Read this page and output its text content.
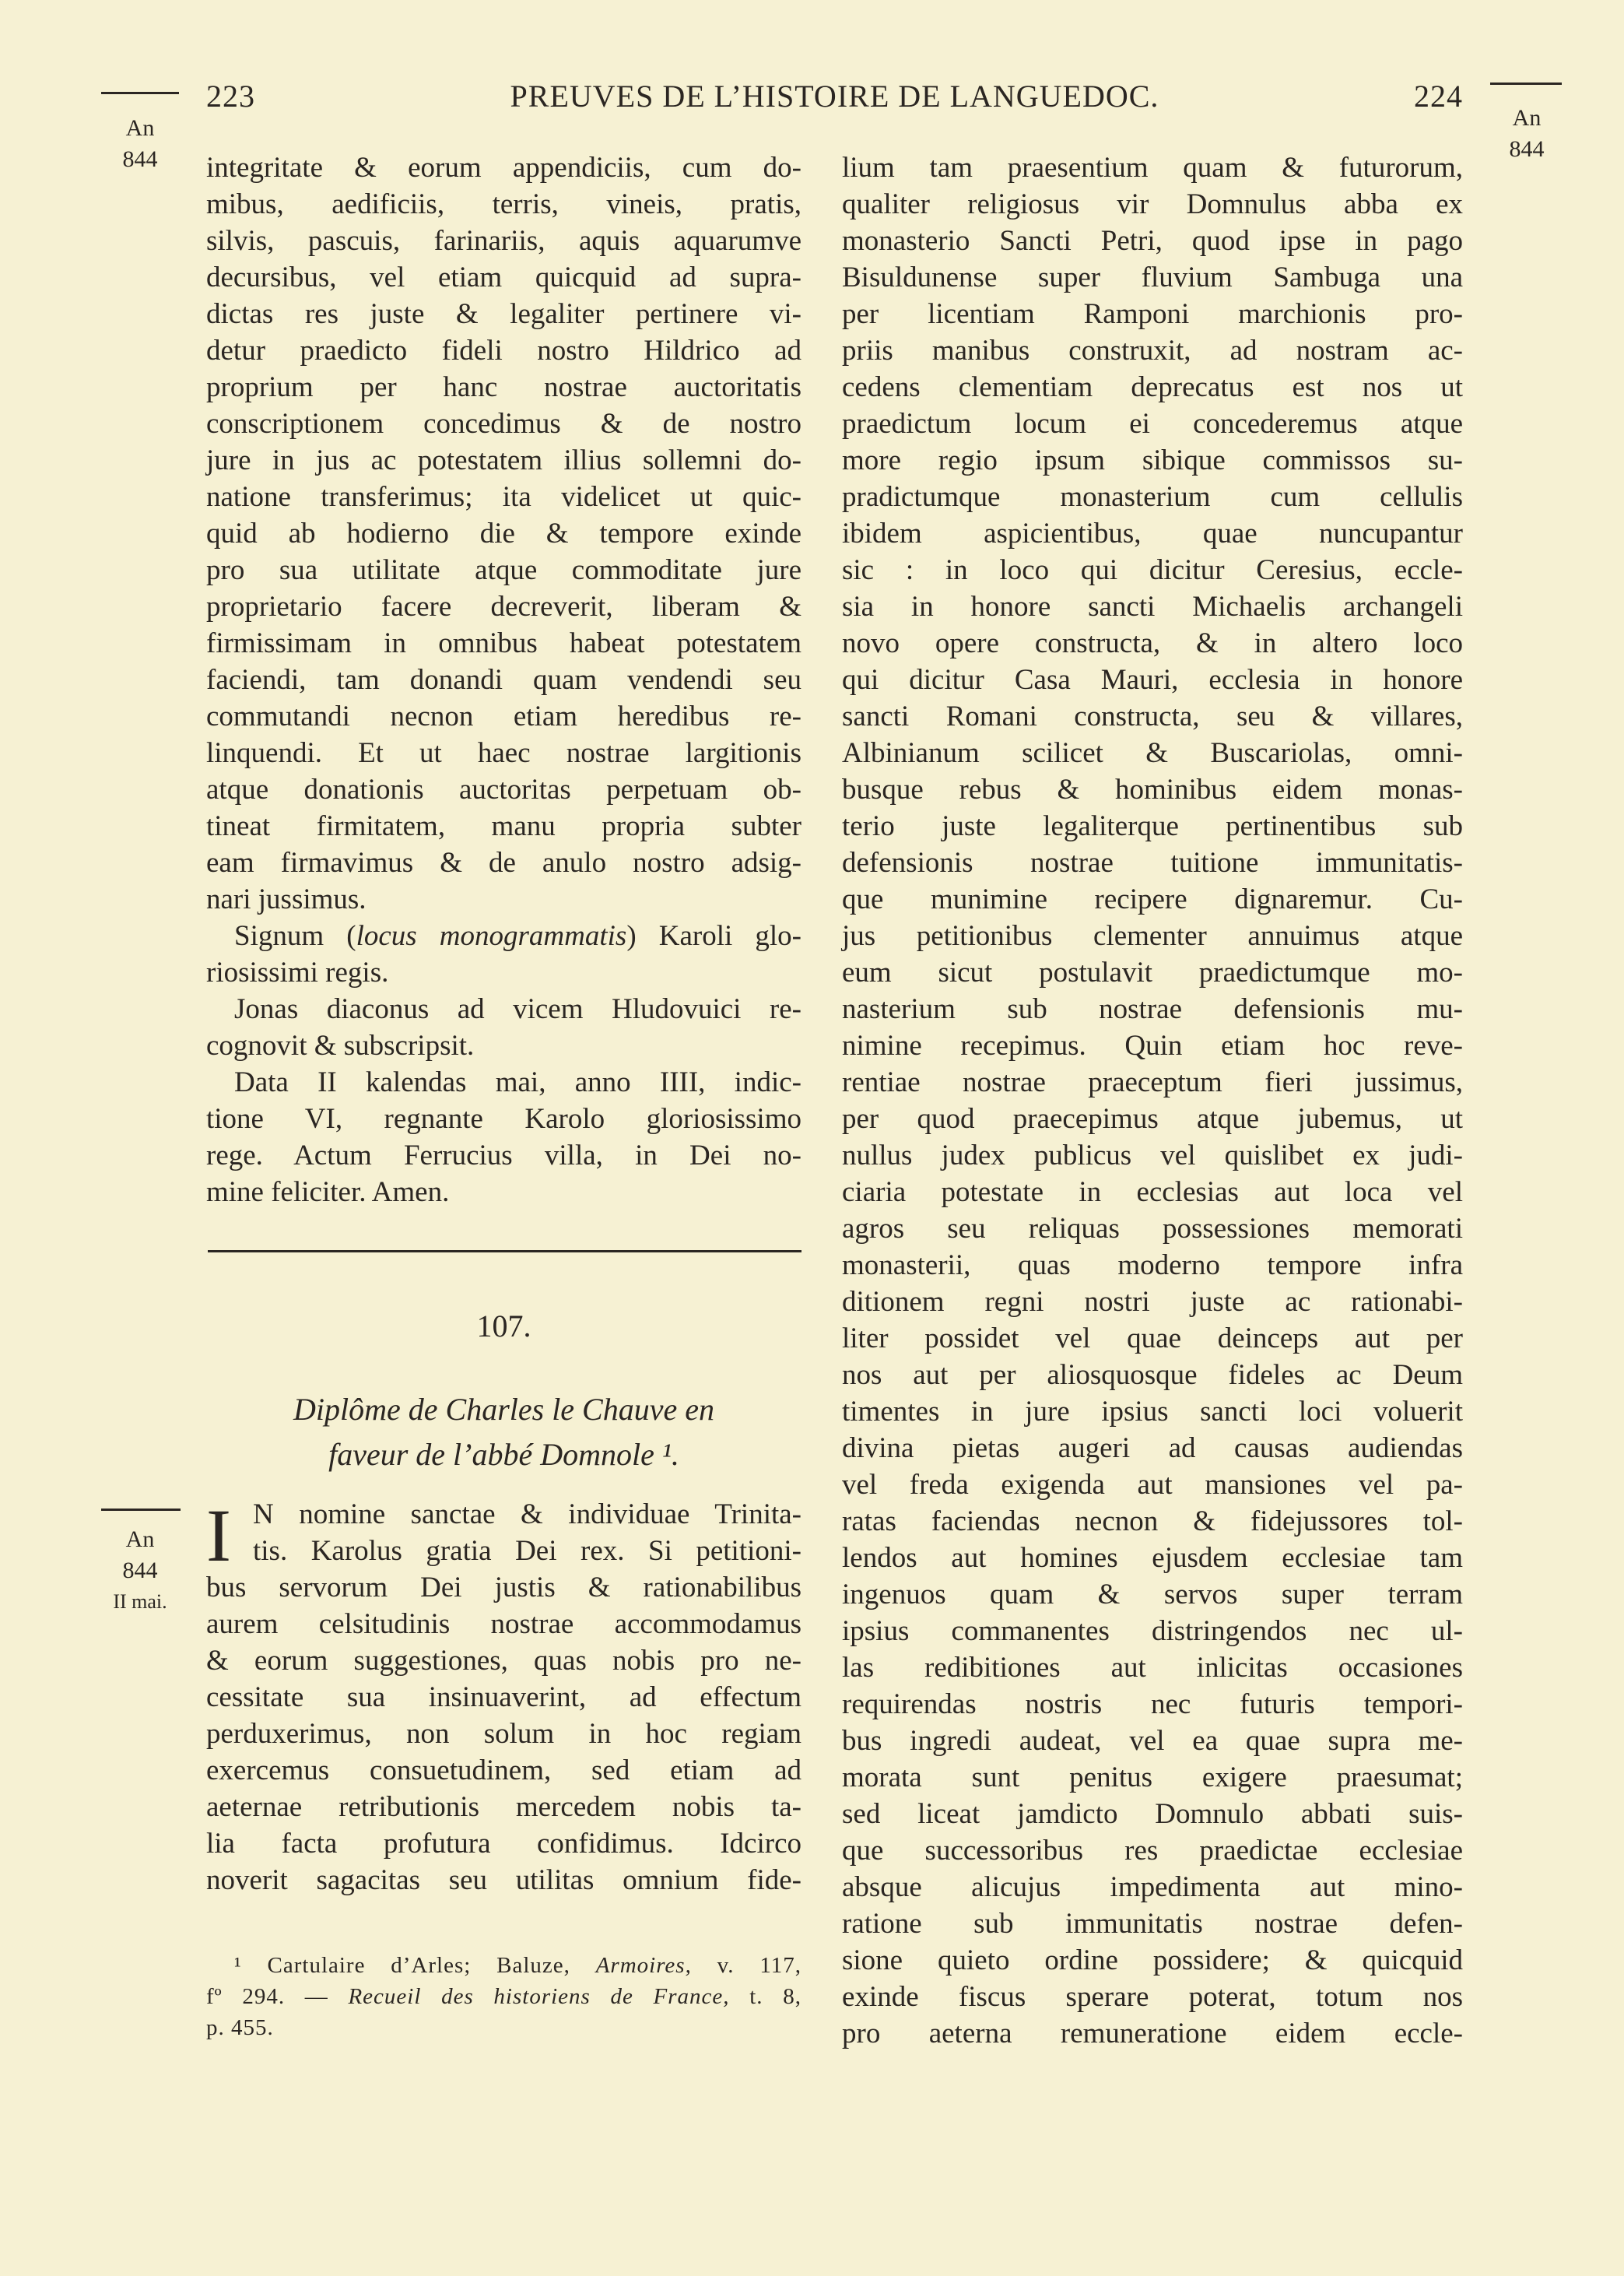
223	PREUVES DE L’HISTOIRE DE LANGUEDOC.	224
An
844
An
844
An
844
II mai.
integritate & eorum appendiciis, cum do-
mibus, aedificiis, terris, vineis, pratis,
silvis, pascuis, farinariis, aquis aquarumve
decursibus, vel etiam quicquid ad supra-
dictas res juste & legaliter pertinere vi-
detur praedicto fideli nostro Hildrico ad
proprium per hanc nostrae auctoritatis
conscriptionem concedimus & de nostro
jure in jus ac potestatem illius sollemni do-
natione transferimus; ita videlicet ut quic-
quid ab hodierno die & tempore exinde
pro sua utilitate atque commoditate jure
proprietario facere decreverit, liberam &
firmissimam in omnibus habeat potestatem
faciendi, tam donandi quam vendendi seu
commutandi necnon etiam heredibus re-
linquendi. Et ut haec nostrae largitionis
atque donationis auctoritas perpetuam ob-
tineat firmitatem, manu propria subter
eam firmavimus & de anulo nostro adsig-
nari jussimus.
Signum (locus monogrammatis) Karoli glo-
riosissimi regis.
Jonas diaconus ad vicem Hludovuici re-
cognovit & subscripsit.
Data II kalendas mai, anno IIII, indic-
tione VI, regnante Karolo gloriosissimo
rege. Actum Ferrucius villa, in Dei no-
mine feliciter. Amen.
107.
Diplôme de Charles le Chauve en
faveur de l’abbé Domnole ¹.
I N nomine sanctae & individuae Trinita-
tis. Karolus gratia Dei rex. Si petitioni-
bus servorum Dei justis & rationabilibus
aurem celsitudinis nostrae accommodamus
& eorum suggestiones, quas nobis pro ne-
cessitate sua insinuaverint, ad effectum
perduxerimus, non solum in hoc regiam
exercemus consuetudinem, sed etiam ad
aeternae retributionis mercedem nobis ta-
lia facta profutura confidimus. Idcirco
noverit sagacitas seu utilitas omnium fide-
¹ Cartulaire d’Arles; Baluze, Armoires, v. 117,
fº 294. — Recueil des historiens de France, t. 8,
p. 455.
lium tam praesentium quam & futurorum,
qualiter religiosus vir Domnulus abba ex
monasterio Sancti Petri, quod ipse in pago
Bisuldunense super fluvium Sambuga una
per licentiam Ramponi marchionis pro-
priis manibus construxit, ad nostram ac-
cedens clementiam deprecatus est nos ut
praedictum locum ei concederemus atque
more regio ipsum sibique commissos su-
pradictumque monasterium cum cellulis
ibidem aspicientibus, quae nuncupantur
sic : in loco qui dicitur Ceresius, eccle-
sia in honore sancti Michaelis archangeli
novo opere constructa, & in altero loco
qui dicitur Casa Mauri, ecclesia in honore
sancti Romani constructa, seu & villares,
Albinianum scilicet & Buscariolas, omni-
busque rebus & hominibus eidem monas-
terio juste legaliterque pertinentibus sub
defensionis nostrae tuitione immunitatis-
que munimine recipere dignaremur. Cu-
jus petitionibus clementer annuimus atque
eum sicut postulavit praedictumque mo-
nasterium sub nostrae defensionis mu-
nimine recepimus. Quin etiam hoc reve-
rentiae nostrae praeceptum fieri jussimus,
per quod praecepimus atque jubemus, ut
nullus judex publicus vel quislibet ex judi-
ciaria potestate in ecclesias aut loca vel
agros seu reliquas possessiones memorati
monasterii, quas moderno tempore infra
ditionem regni nostri juste ac rationabi-
liter possidet vel quae deinceps aut per
nos aut per aliosquosque fideles ac Deum
timentes in jure ipsius sancti loci voluerit
divina pietas augeri ad causas audiendas
vel freda exigenda aut mansiones vel pa-
ratas faciendas necnon & fidejussores tol-
lendos aut homines ejusdem ecclesiae tam
ingenuos quam & servos super terram
ipsius commanentes distringendos nec ul-
las redibitiones aut inlicitas occasiones
requirendas nostris nec futuris tempori-
bus ingredi audeat, vel ea quae supra me-
morata sunt penitus exigere praesumat;
sed liceat jamdicto Domnulo abbati suis-
que successoribus res praedictae ecclesiae
absque alicujus impedimenta aut mino-
ratione sub immunitatis nostrae defen-
sione quieto ordine possidere; & quicquid
exinde fiscus sperare poterat, totum nos
pro aeterna remuneratione eidem eccle-
